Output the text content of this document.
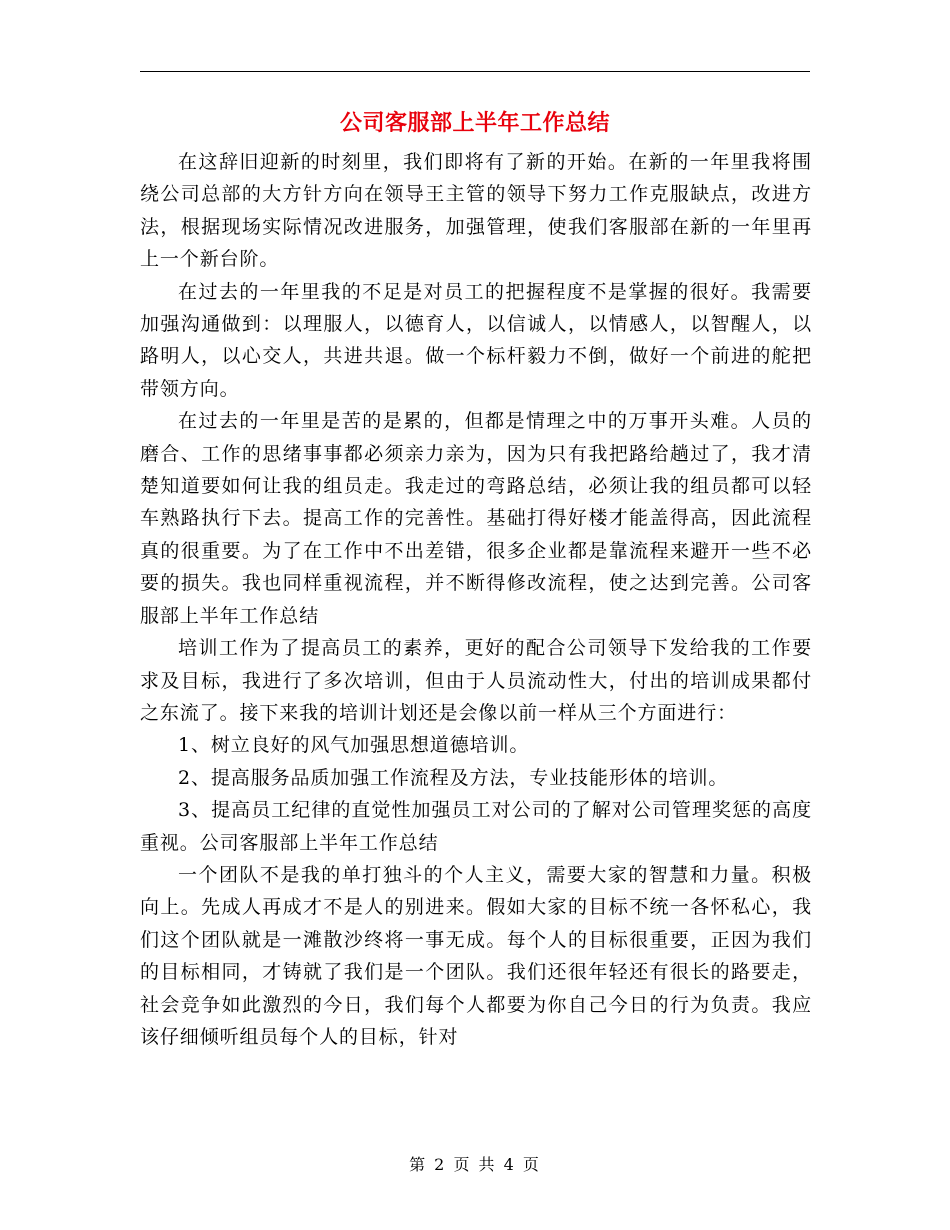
公司客服部上半年工作总结

在这辞旧迎新的时刻里，我们即将有了新的开始。在新的一年里我将围绕公司总部的大方针方向在领导王主管的领导下努力工作克服缺点，改进方法，根据现场实际情况改进服务，加强管理，使我们客服部在新的一年里再上一个新台阶。

在过去的一年里我的不足是对员工的把握程度不是掌握的很好。我需要加强沟通做到：以理服人，以德育人，以信诚人，以情感人，以智醒人，以路明人，以心交人，共进共退。做一个标杆毅力不倒，做好一个前进的舵把带领方向。

在过去的一年里是苦的是累的，但都是情理之中的万事开头难。人员的磨合、工作的思绪事事都必须亲力亲为，因为只有我把路给趟过了，我才清楚知道要如何让我的组员走。我走过的弯路总结，必须让我的组员都可以轻车熟路执行下去。提高工作的完善性。基础打得好楼才能盖得高，因此流程真的很重要。为了在工作中不出差错，很多企业都是靠流程来避开一些不必要的损失。我也同样重视流程，并不断得修改流程，使之达到完善。公司客服部上半年工作总结

培训工作为了提高员工的素养，更好的配合公司领导下发给我的工作要求及目标，我进行了多次培训，但由于人员流动性大，付出的培训成果都付之东流了。接下来我的培训计划还是会像以前一样从三个方面进行：

1、树立良好的风气加强思想道德培训。

2、提高服务品质加强工作流程及方法，专业技能形体的培训。

3、提高员工纪律的直觉性加强员工对公司的了解对公司管理奖惩的高度重视。公司客服部上半年工作总结

一个团队不是我的单打独斗的个人主义，需要大家的智慧和力量。积极向上。先成人再成才不是人的别进来。假如大家的目标不统一各怀私心，我们这个团队就是一滩散沙终将一事无成。每个人的目标很重要，正因为我们的目标相同，才铸就了我们是一个团队。我们还很年轻还有很长的路要走，社会竞争如此激烈的今日，我们每个人都要为你自己今日的行为负责。我应该仔细倾听组员每个人的目标，针对

第 2 页 共 4 页
